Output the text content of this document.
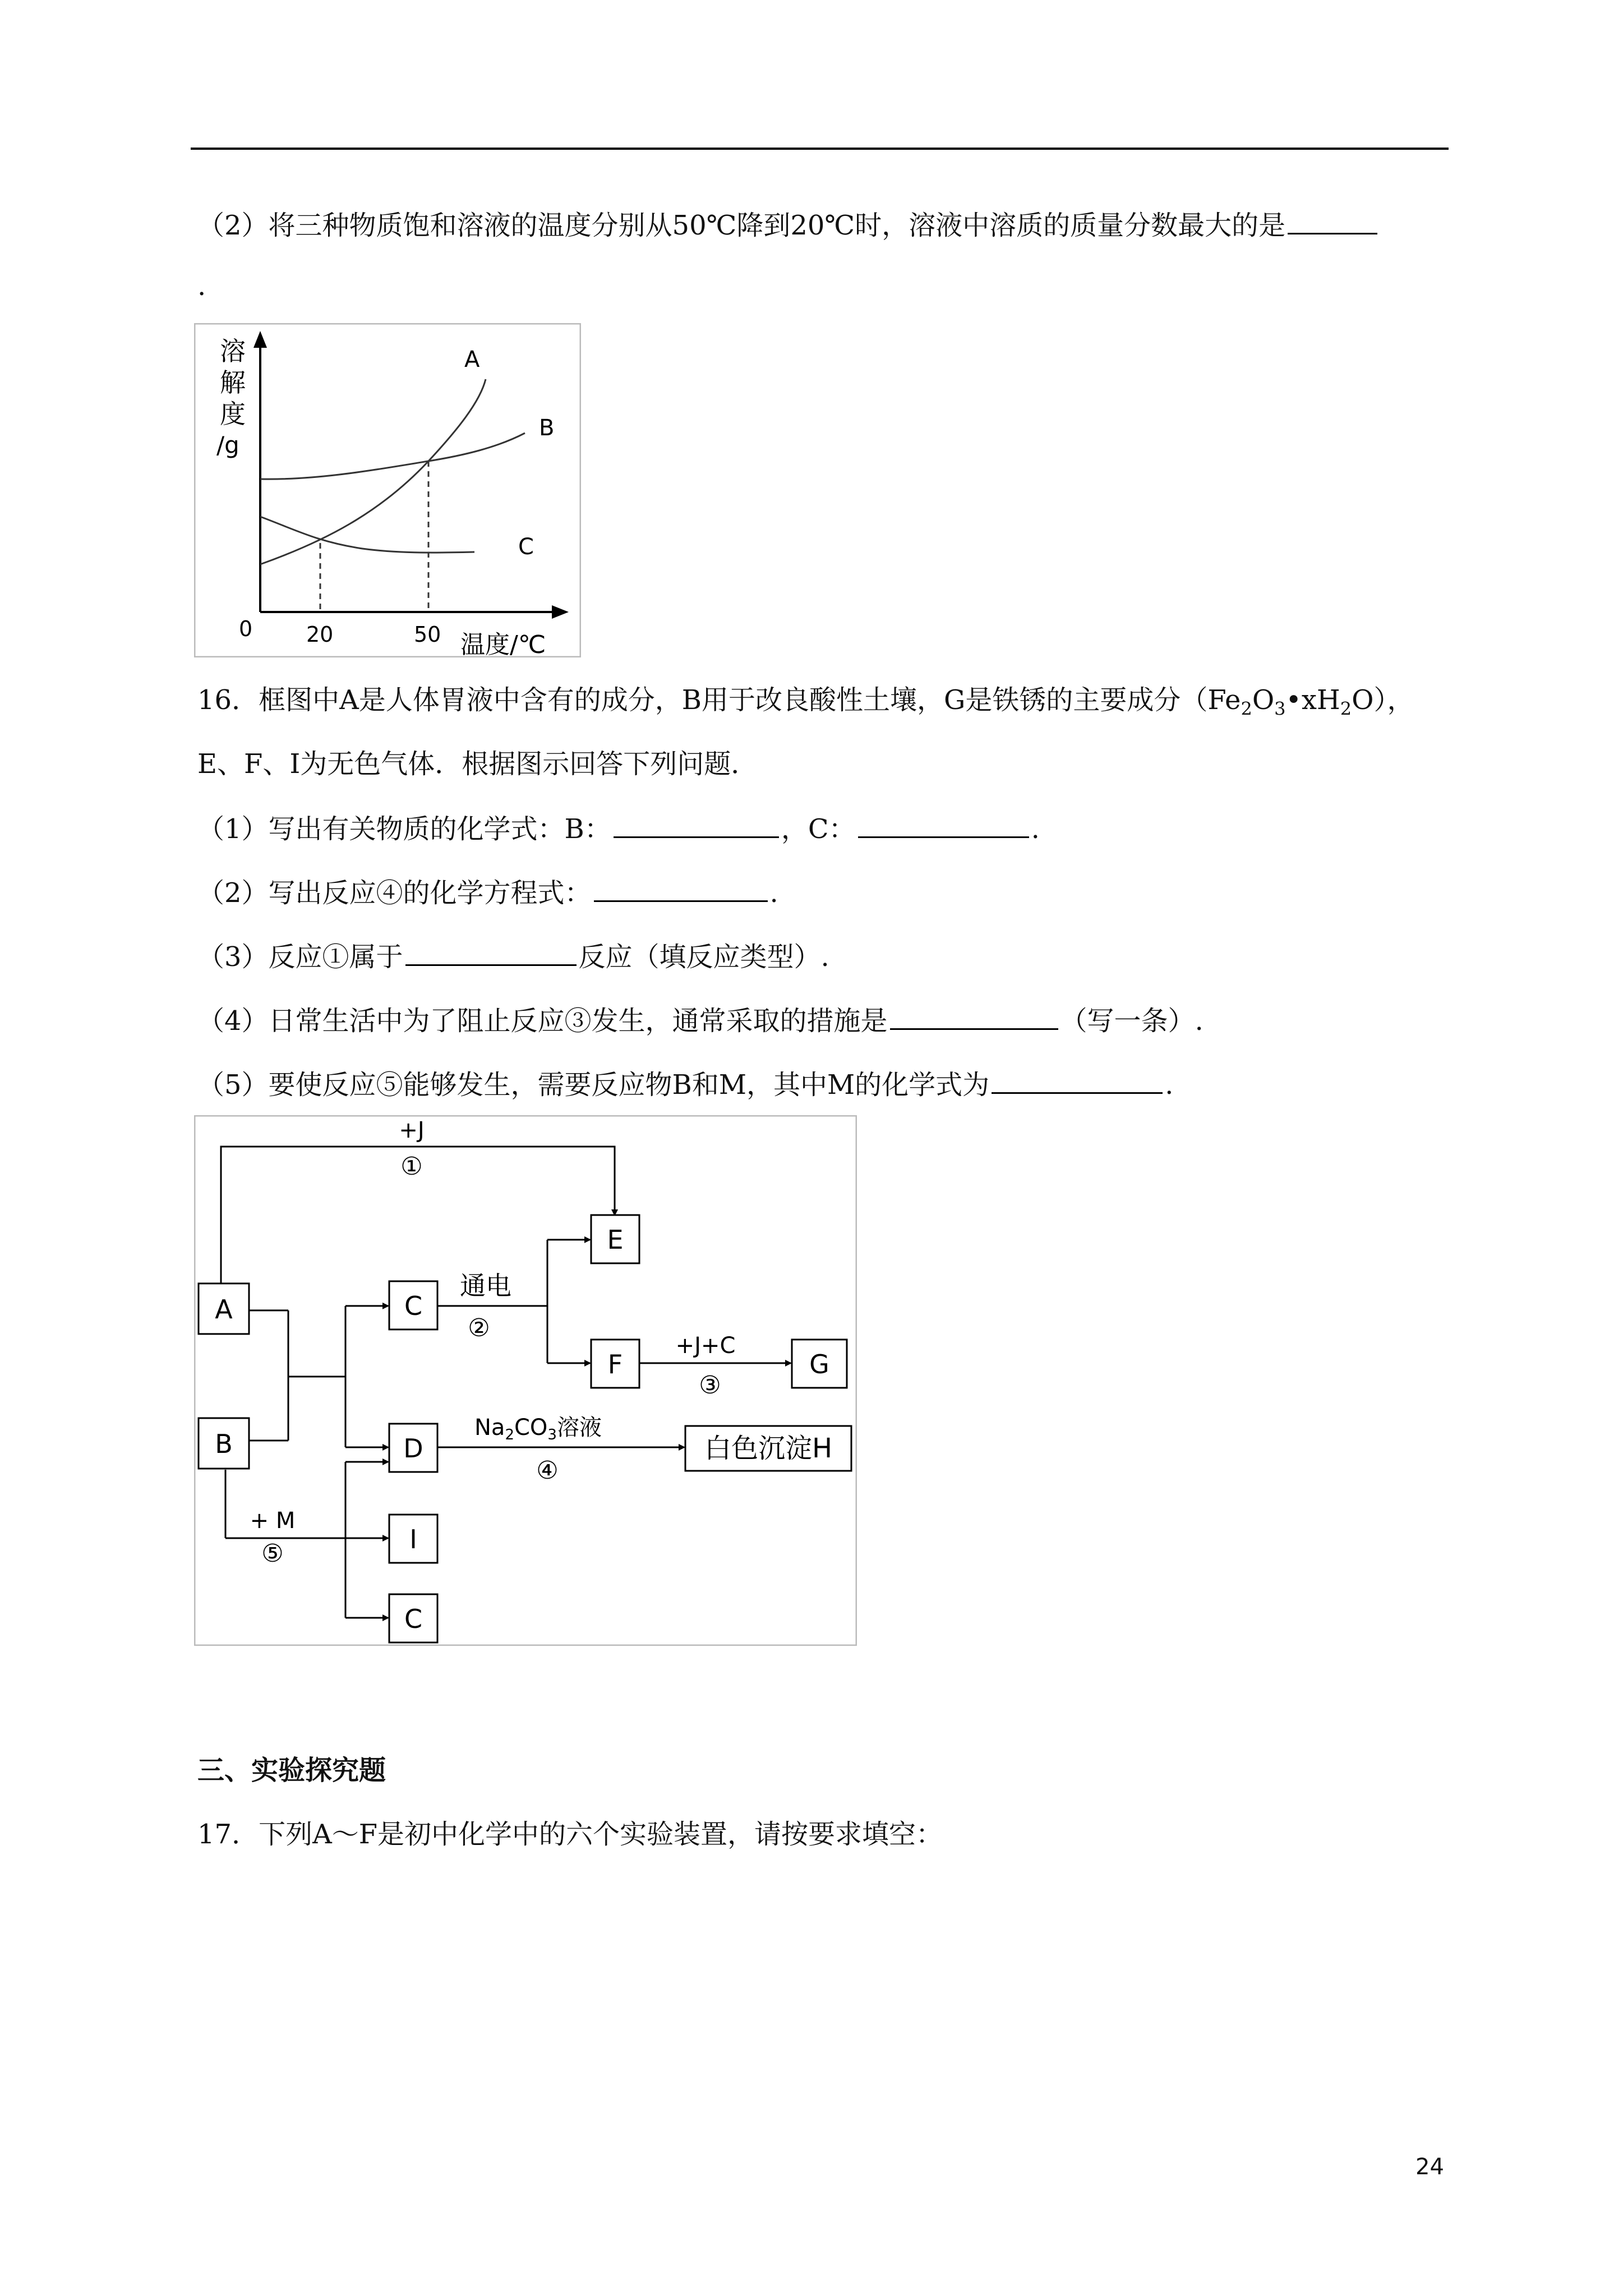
（2）将三种物质饱和溶液的温度分别从50℃降到20℃时，溶液中溶质的质量分数最大的是
.
溶
解
度
/g
A
B
C
0	20	50 温度/℃
16．框图中A是人体胃液中含有的成分，B用于改良酸性土壤，G是铁锈的主要成分$(Fe_2O_3•xH_2O)$，
E、F、I为无色气体．根据图示回答下列问题．
（1）写出有关物质的化学式：B：	，C：	.
（2）写出反应④的化学方程式：	.
（3）反应①属于	反应（填反应类型）.
（4）日常生活中为了阻止反应③发生，通常采取的措施是	（写一条）.
（5）要使反应⑤能够发生，需要反应物B和M，其中M的化学式为	.
A
B
C
D
E
F	G
白色沉淀H
I
C
+J
①
通电
②
+J+C
③
④
+ M
⑤
$Na_2CO_3$溶液
三、实验探究题
17．下列A～F是初中化学中的六个实验装置，请按要求填空：
24
